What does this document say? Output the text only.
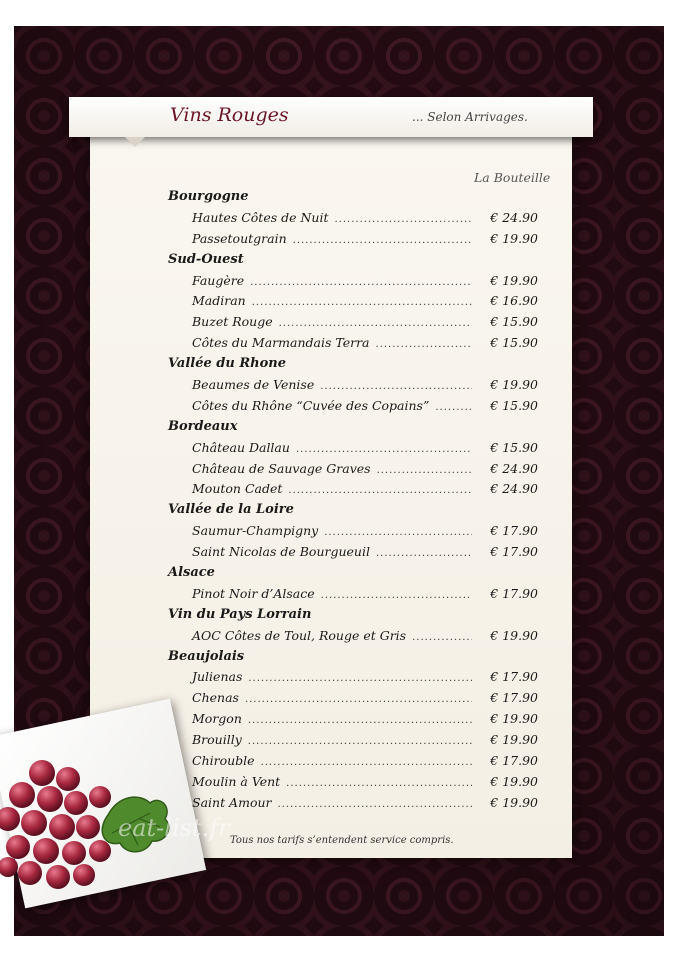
Vins Rouges	... Selon Arrivages.
La Bouteille
Bourgogne
Hautes Côtes de Nuit .....	€ 24.90
Passetoutgrain .....	€ 19.90
Sud-Ouest
Faugère .....	€ 19.90
Madiran .....	€ 16.90
Buzet Rouge .....	€ 15.90
Côtes du Marmandais Terra .....	€ 15.90
Vallée du Rhone
Beaumes de Venise .....	€ 19.90
Côtes du Rhône “Cuvée des Copains” .....	€ 15.90
Bordeaux
Château Dallau .....	€ 15.90
Château de Sauvage Graves .....	€ 24.90
Mouton Cadet .....	€ 24.90
Vallée de la Loire
Saumur-Champigny .....	€ 17.90
Saint Nicolas de Bourgueuil .....	€ 17.90
Alsace
Pinot Noir d’Alsace .....	€ 17.90
Vin du Pays Lorrain
AOC Côtes de Toul, Rouge et Gris .....	€ 19.90
Beaujolais
Julienas .....	€ 17.90
Chenas .....	€ 17.90
Morgon .....	€ 19.90
Brouilly .....	€ 19.90
Chirouble .....	€ 17.90
Moulin à Vent .....	€ 19.90
Saint Amour .....	€ 19.90
Tous nos tarifs s’entendent service compris.
eat-list.fr
